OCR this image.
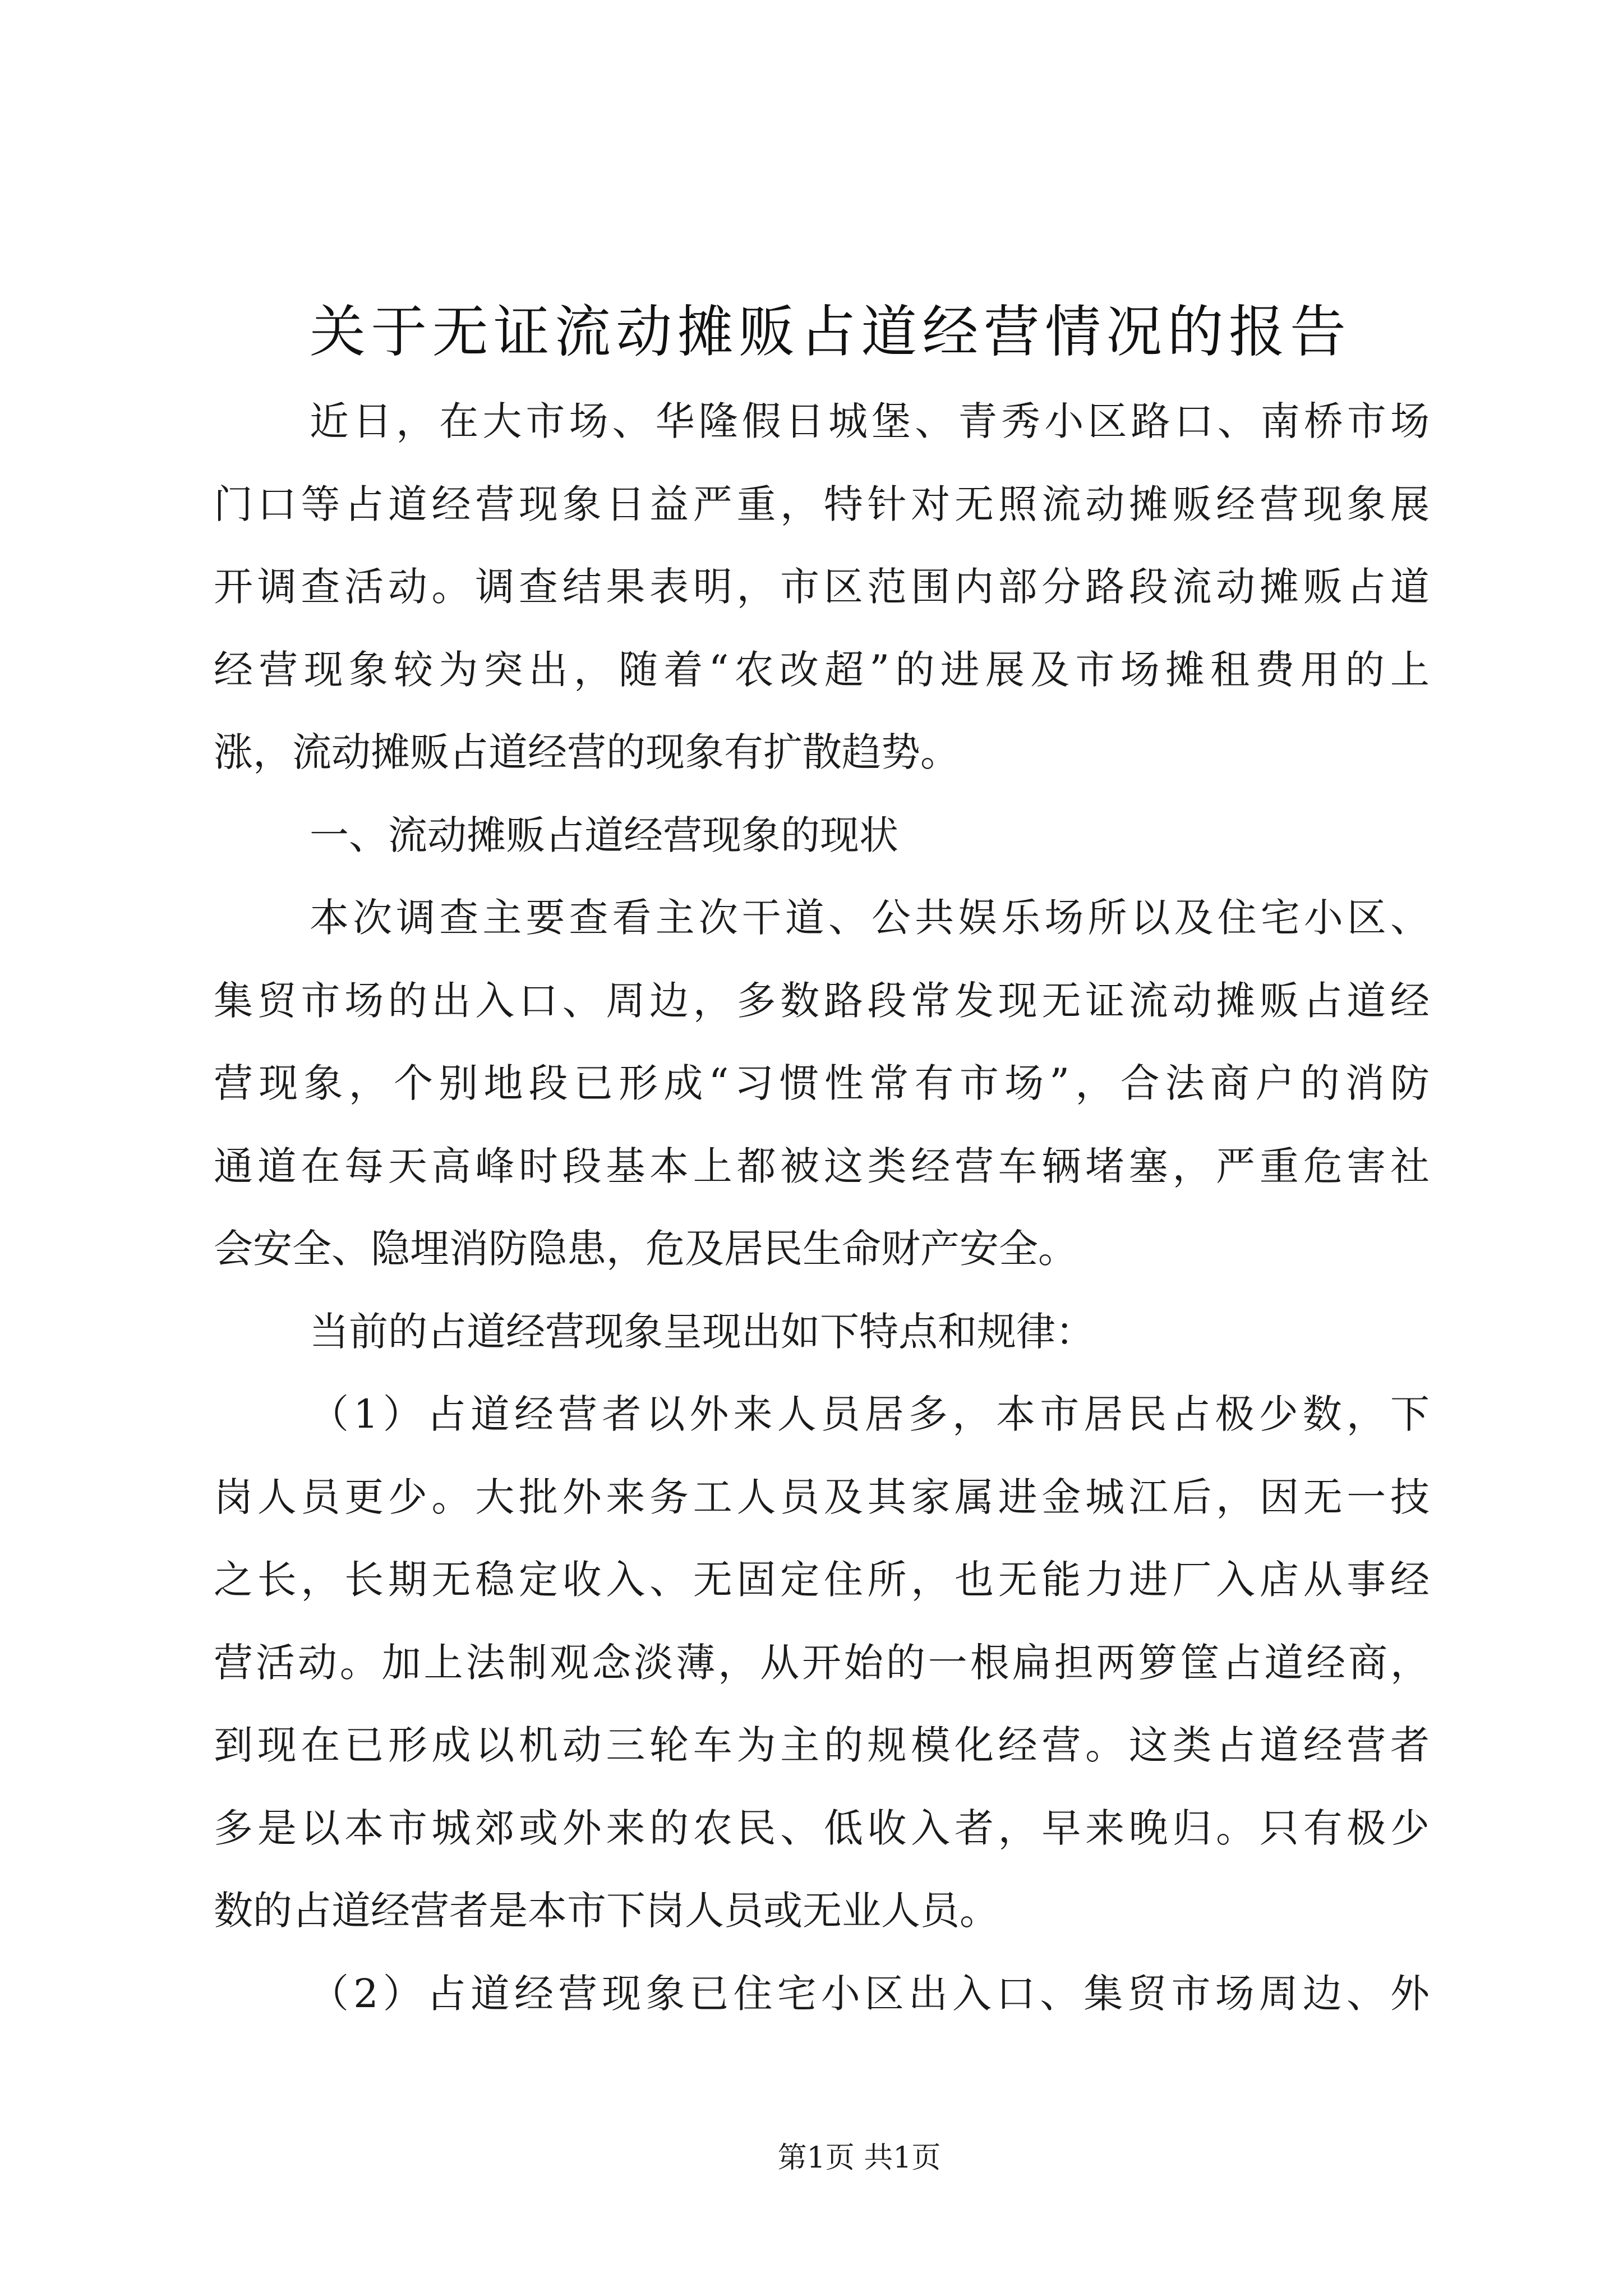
关于无证流动摊贩占道经营情况的报告
近日，在大市场、华隆假日城堡、青秀小区路口、南桥市场
门口等占道经营现象日益严重，特针对无照流动摊贩经营现象展
开调查活动。调查结果表明，市区范围内部分路段流动摊贩占道
经营现象较为突出，随着“农改超”的进展及市场摊租费用的上
涨，流动摊贩占道经营的现象有扩散趋势。
一、流动摊贩占道经营现象的现状
本次调查主要查看主次干道、公共娱乐场所以及住宅小区、
集贸市场的出入口、周边，多数路段常发现无证流动摊贩占道经
营现象，个别地段已形成“习惯性常有市场”，合法商户的消防
通道在每天高峰时段基本上都被这类经营车辆堵塞，严重危害社
会安全、隐埋消防隐患，危及居民生命财产安全。
当前的占道经营现象呈现出如下特点和规律：
（1）占道经营者以外来人员居多，本市居民占极少数，下
岗人员更少。大批外来务工人员及其家属进金城江后，因无一技
之长，长期无稳定收入、无固定住所，也无能力进厂入店从事经
营活动。加上法制观念淡薄，从开始的一根扁担两箩筐占道经商，
到现在已形成以机动三轮车为主的规模化经营。这类占道经营者
多是以本市城郊或外来的农民、低收入者，早来晚归。只有极少
数的占道经营者是本市下岗人员或无业人员。
（2）占道经营现象已住宅小区出入口、集贸市场周边、外
第1页 共1页
